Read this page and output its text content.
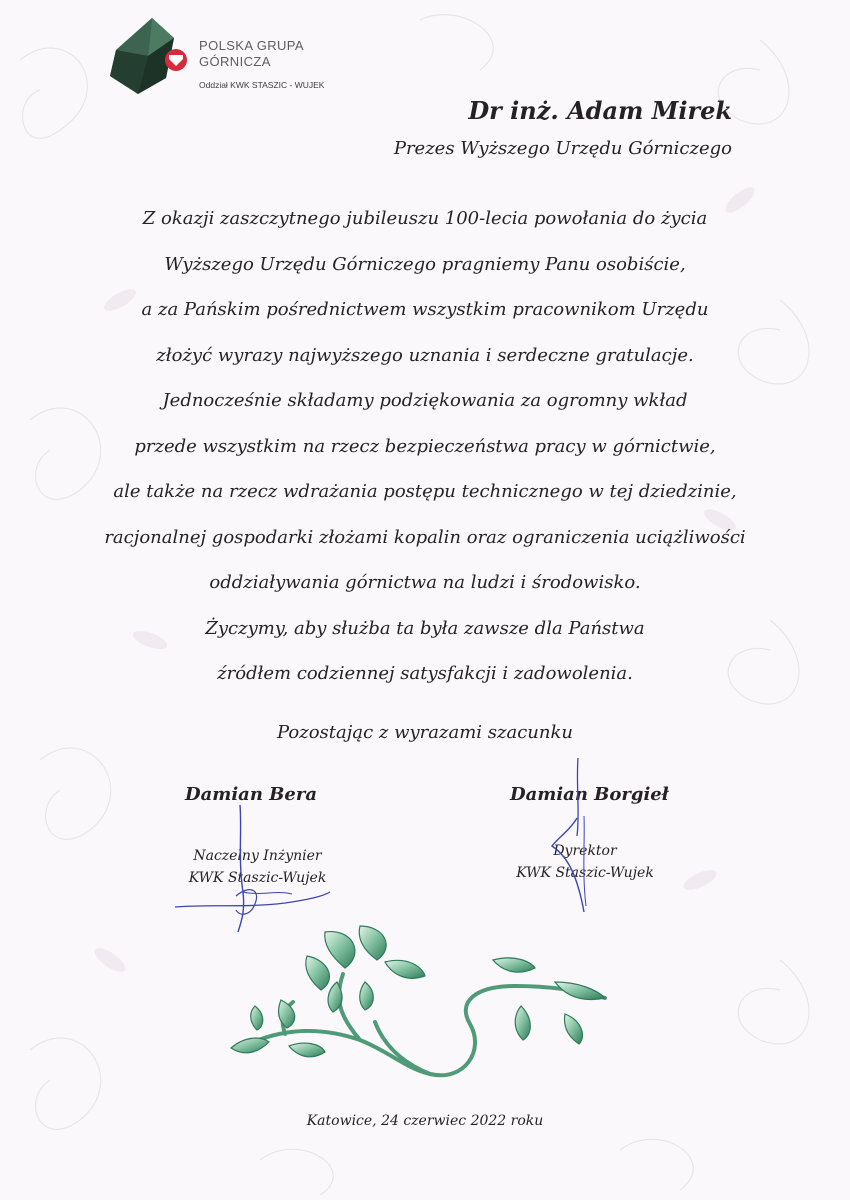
POLSKA GRUPA
GÓRNICZA
Oddział KWK STASZIC - WUJEK
Dr inż. Adam Mirek
Prezes Wyższego Urzędu Górniczego

Z okazji zaszczytnego jubileuszu 100-lecia powołania do życia
Wyższego Urzędu Górniczego pragniemy Panu osobiście,
a za Pańskim pośrednictwem wszystkim pracownikom Urzędu
złożyć wyrazy najwyższego uznania i serdeczne gratulacje.
Jednocześnie składamy podziękowania za ogromny wkład
przede wszystkim na rzecz bezpieczeństwa pracy w górnictwie,
ale także na rzecz wdrażania postępu technicznego w tej dziedzinie,
racjonalnej gospodarki złożami kopalin oraz ograniczenia uciążliwości
oddziaływania górnictwa na ludzi i środowisko.
Życzymy, aby służba ta była zawsze dla Państwa
źródłem codziennej satysfakcji i zadowolenia.

Pozostając z wyrazami szacunku
Damian Bera
Naczelny Inżynier
KWK Staszic-Wujek
Damian Borgieł
Dyrektor
KWK Staszic-Wujek
Katowice, 24 czerwiec 2022 roku
